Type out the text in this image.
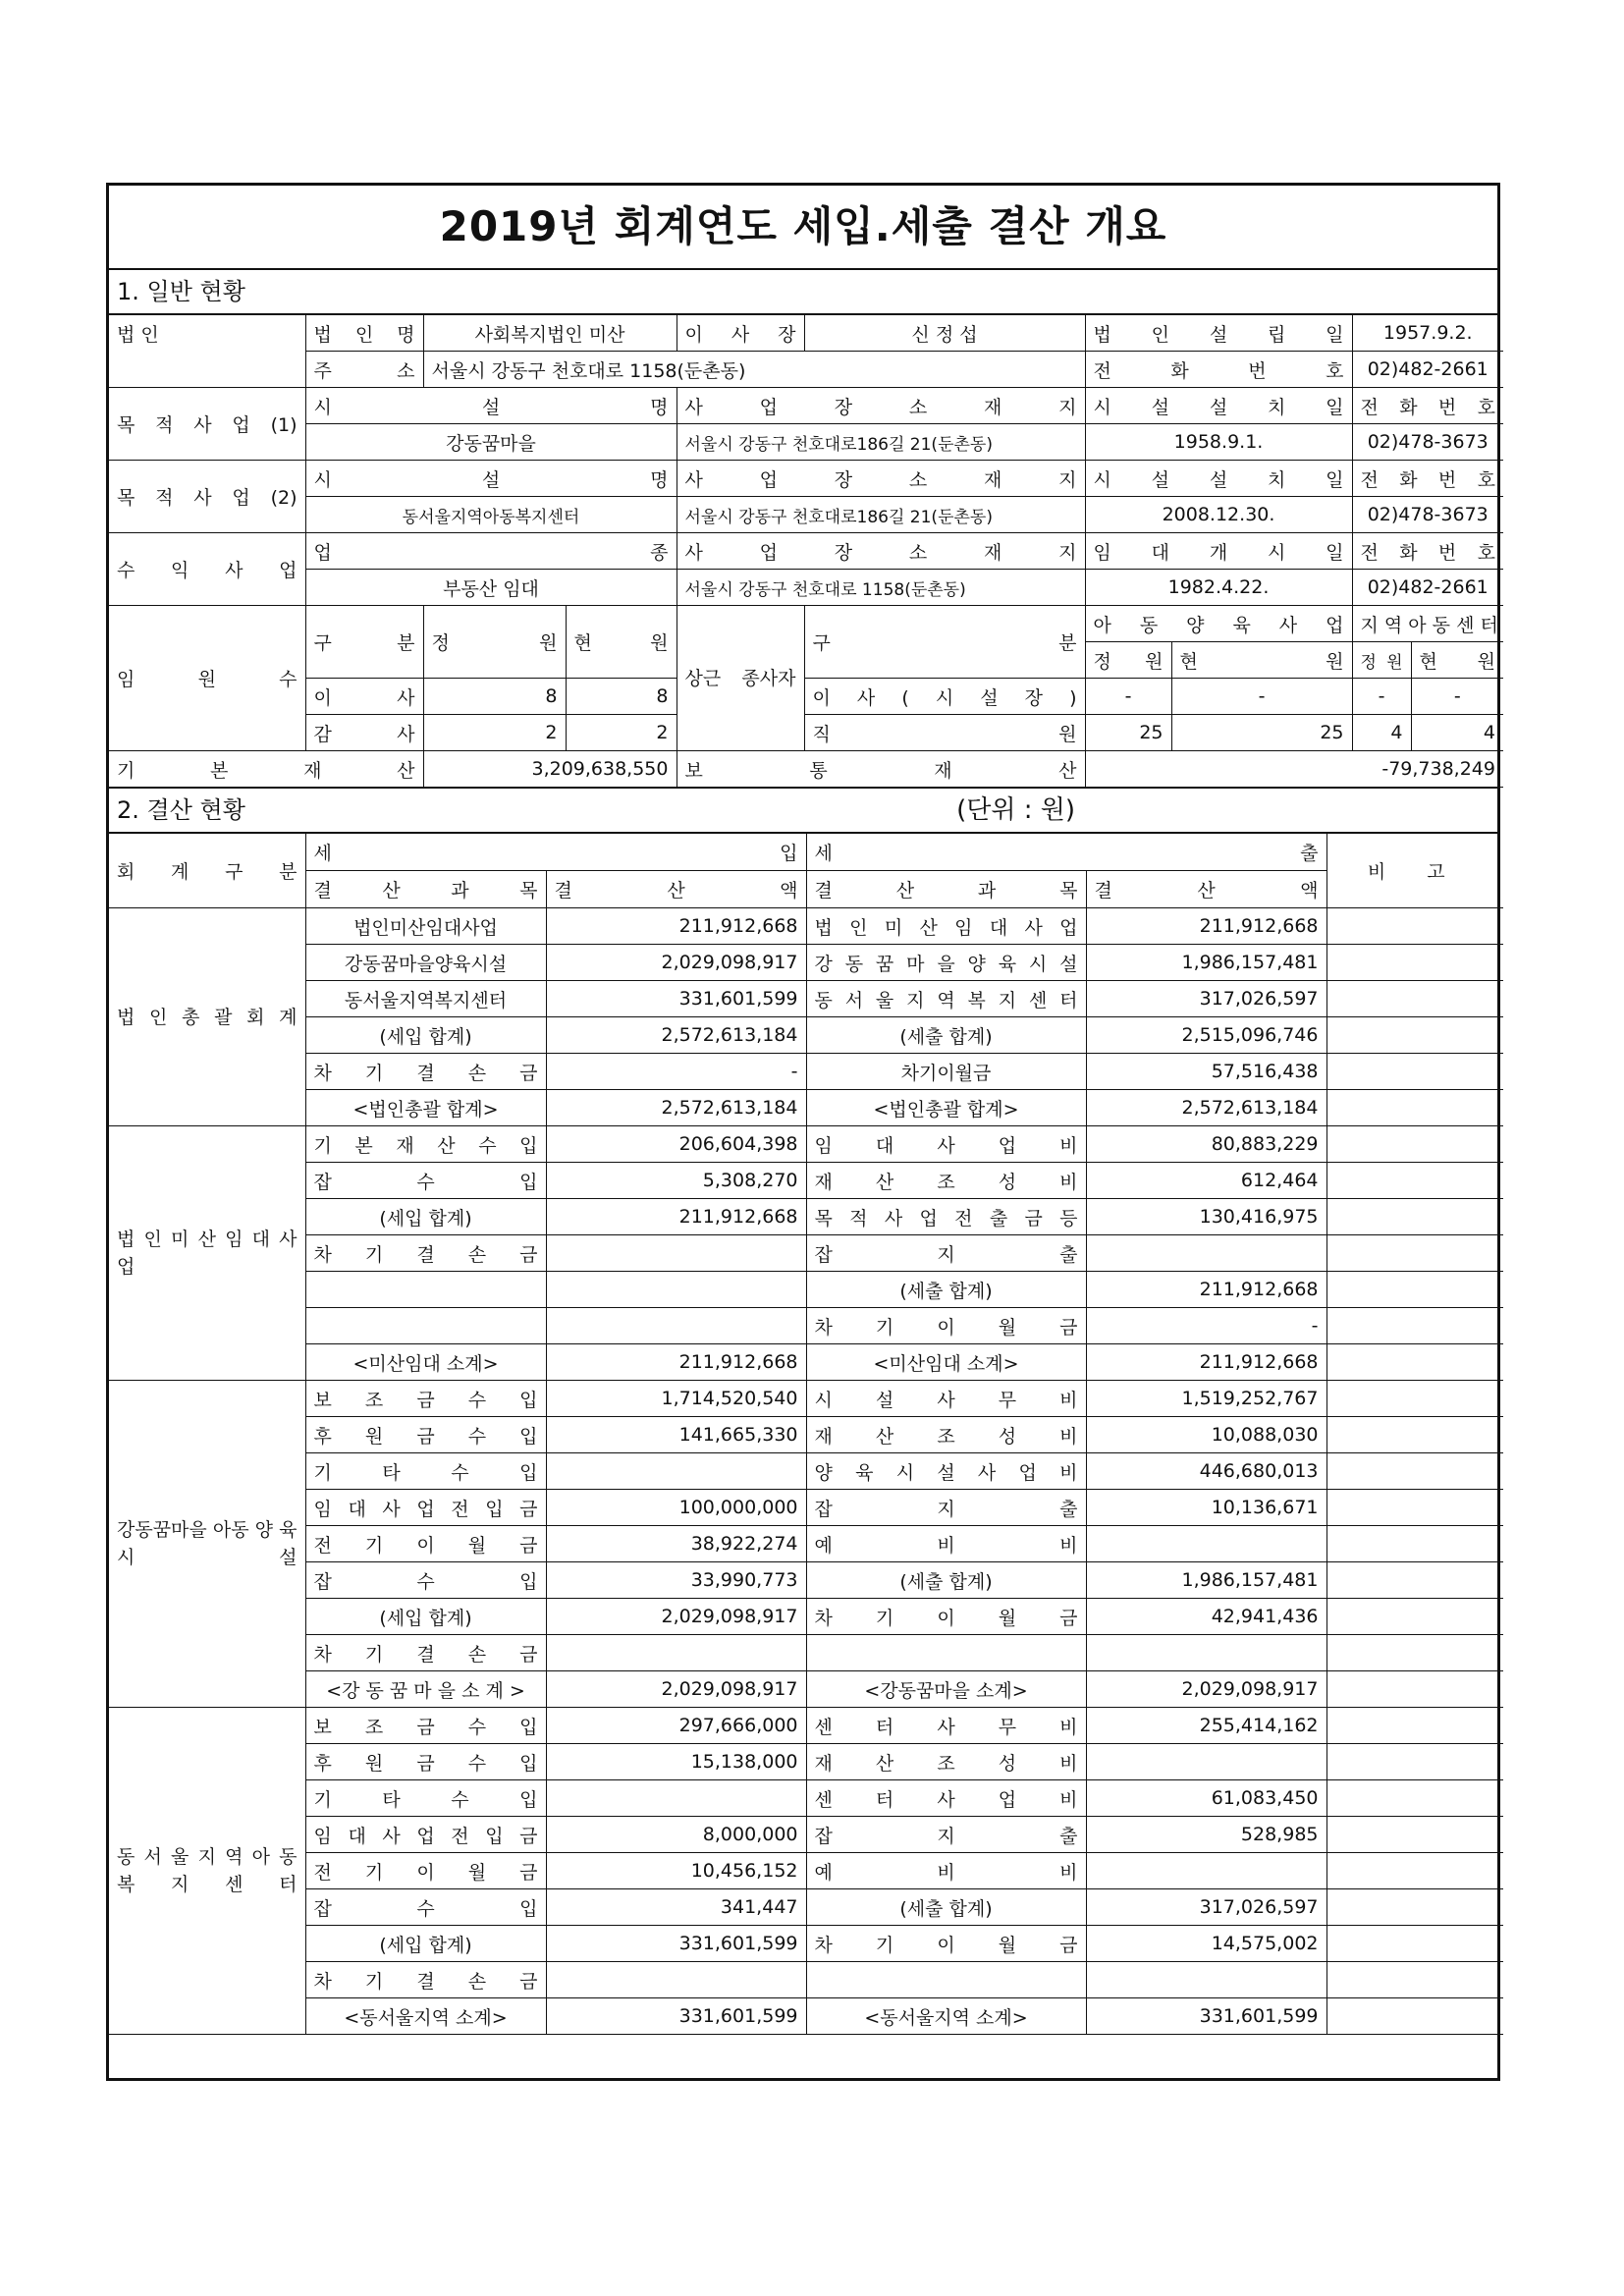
2019년 회계연도 세입.세출 결산 개요
1. 일반 현황
법 인	법 인 명	사회복지법인 미산		이 사 장	신 정 섭	법 인 설 립 일		1957.9.2.	
	주 소	서울시 강동구 천호대로 1158(둔촌동)				전 화 번 호		02)482-2661	
목 적 사 업 (1)	시 설 명			사 업 장 소 재 지		시 설 설 치 일		전 화 번 호	
	강동꿈마을			서울시 강동구 천호대로186길 21(둔촌동)		1958.9.1.		02)478-3673	
목 적 사 업 (2)	시 설 명			사 업 장 소 재 지		시 설 설 치 일		전 화 번 호	
	동서울지역아동복지센터			서울시 강동구 천호대로186길 21(둔촌동)		2008.12.30.		02)478-3673	
수 익 사 업	업 종			사 업 장 소 재 지		임 대 개 시 일		전 화 번 호	
	부동산 임대			서울시 강동구 천호대로 1158(둔촌동)		1982.4.22.		02)482-2661	
임 원 수	구 분	정 원	현 원	상근 종사자	구 분	아 동 양 육 사 업		지 역 아 동 센 터	
						정 원	현 원	정 원	현 원
	이 사	8	8		이 사 ( 시 설 장 )	-	-	-	-
	감 사	2	2		직 원	25	25	4	4
기 본 재 산		3,209,638,550		보 통 재 산		-79,738,249			
2. 결산 현황	(단위 : 원)
회 계 구 분	세 입		세 출		비 고
	결 산 과 목	결 산 액	결 산 과 목	결 산 액	
법 인 총 괄 회 계	법인미산임대사업	211,912,668	법 인 미 산 임 대 사 업	211,912,668	
	강동꿈마을양육시설	2,029,098,917	강 동 꿈 마 을 양 육 시 설	1,986,157,481	
	동서울지역복지센터	331,601,599	동 서 울 지 역 복 지 센 터	317,026,597	
	(세입 합계)	2,572,613,184	(세출 합계)	2,515,096,746	
	차 기 결 손 금	-	차기이월금	57,516,438	
	<법인총괄 합계>	2,572,613,184	<법인총괄 합계>	2,572,613,184	
법 인 미 산 임 대 사 업	기 본 재 산 수 입	206,604,398	임 대 사 업 비	80,883,229	
	잡 수 입	5,308,270	재 산 조 성 비	612,464	
	(세입 합계)	211,912,668	목 적 사 업 전 출 금 등	130,416,975	
	차 기 결 손 금		잡 지 출		
			(세출 합계)	211,912,668	
			차 기 이 월 금	-	
	<미산임대 소계>	211,912,668	<미산임대 소계>	211,912,668	
강동꿈마을 아동 양 육 시 설	보 조 금 수 입	1,714,520,540	시 설 사 무 비	1,519,252,767	
	후 원 금 수 입	141,665,330	재 산 조 성 비	10,088,030	
	기 타 수 입		양 육 시 설 사 업 비	446,680,013	
	임 대 사 업 전 입 금	100,000,000	잡 지 출	10,136,671	
	전 기 이 월 금	38,922,274	예 비 비		
	잡 수 입	33,990,773	(세출 합계)	1,986,157,481	
	(세입 합계)	2,029,098,917	차 기 이 월 금	42,941,436	
	차 기 결 손 금				
	<강 동 꿈 마 을 소 계 >	2,029,098,917	<강동꿈마을 소계>	2,029,098,917	
동 서 울 지 역 아 동 복 지 센 터	보 조 금 수 입	297,666,000	센 터 사 무 비	255,414,162	
	후 원 금 수 입	15,138,000	재 산 조 성 비		
	기 타 수 입		센 터 사 업 비	61,083,450	
	임 대 사 업 전 입 금	8,000,000	잡 지 출	528,985	
	전 기 이 월 금	10,456,152	예 비 비		
	잡 수 입	341,447	(세출 합계)	317,026,597	
	(세입 합계)	331,601,599	차 기 이 월 금	14,575,002	
	차 기 결 손 금				
	<동서울지역 소계>	331,601,599	<동서울지역 소계>	331,601,599	
